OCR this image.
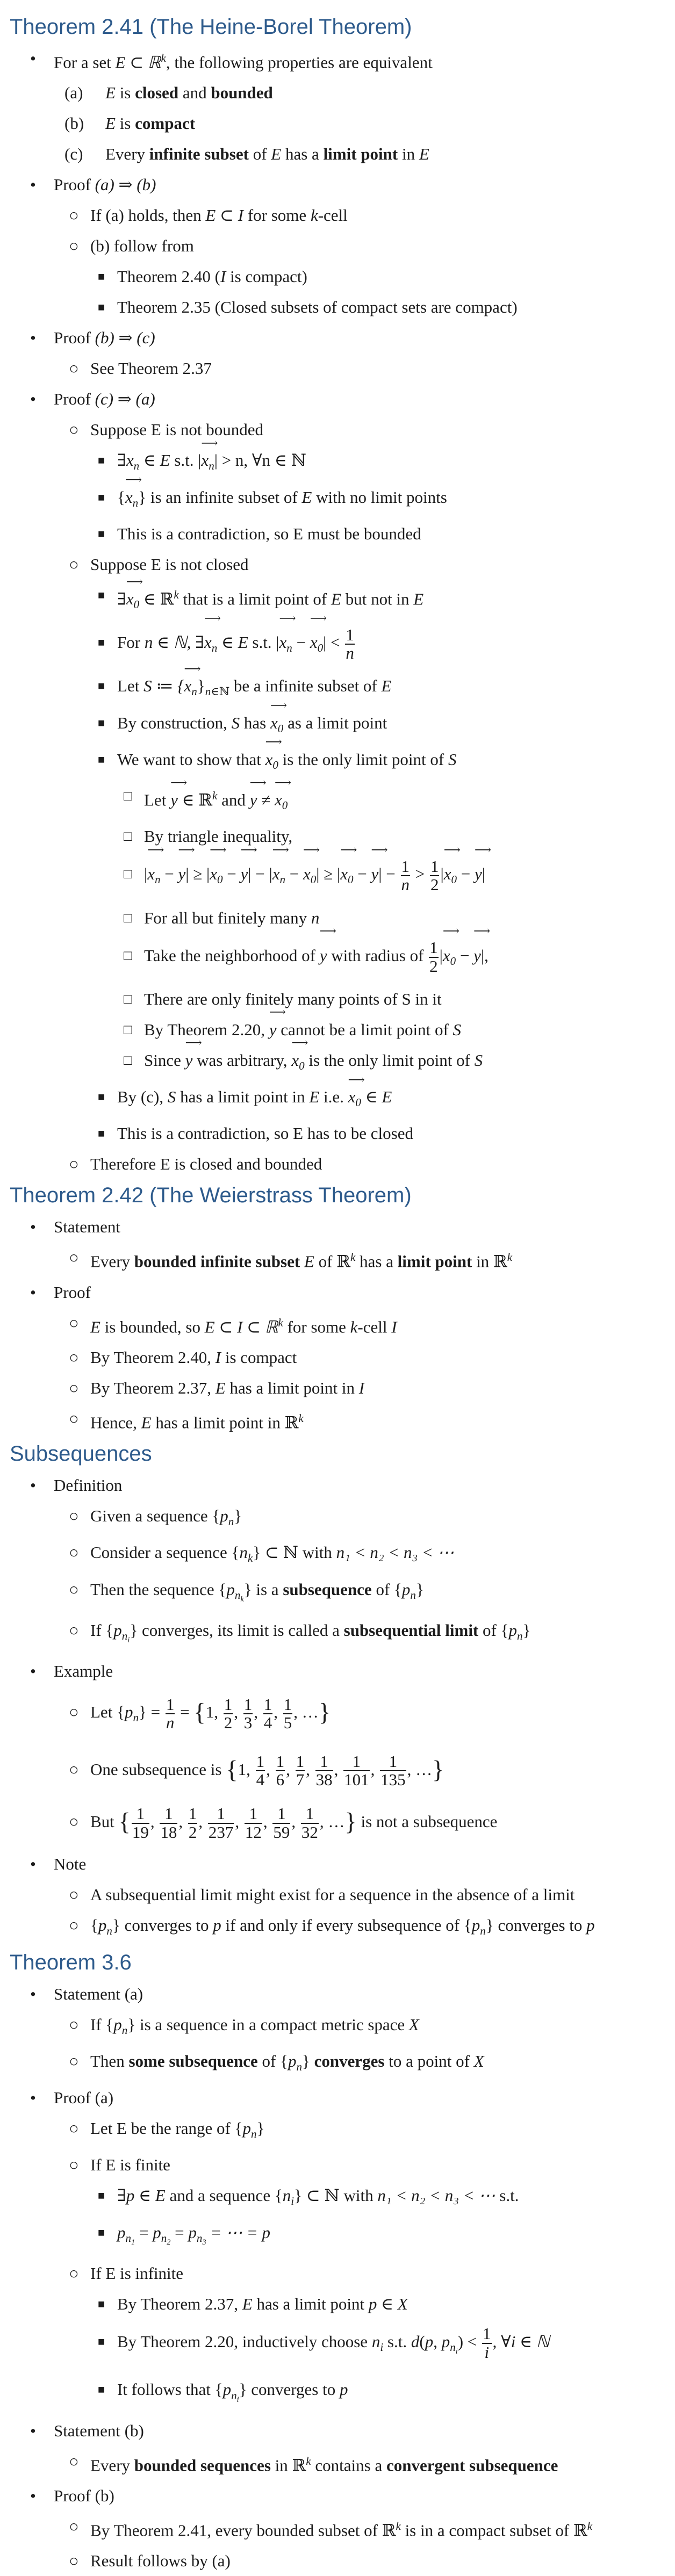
Theorem 2.41 (The Heine-Borel Theorem)
• For a set E ⊂ ℝ$^k$, the following properties are equivalent
(a) E is closed and bounded
(b) E is compact
(c) Every infinite subset of E has a limit point in E
• Proof (a) ⇒ (b)
○ If (a) holds, then E ⊂ I for some k-cell
○ (b) follow from
■ Theorem 2.40 (I is compact)
■ Theorem 2.35 (Closed subsets of compact sets are compact)
• Proof (b) ⇒ (c)
○ See Theorem 2.37
• Proof (c) ⇒ (a)
○ Suppose E is not bounded
■ $\exists x_n$ ∈ E s.t. $|x_n$ ⟶| > n, ∀n ∈ ℕ
■ {$x_n$ ⟶} is an infinite subset of E with no limit points
■ This is a contradiction, so E must be bounded
○ Suppose E is not closed
■ $\exists x_0$ ⟶ ∈ ℝ$^k$ that is a limit point of E but not in E
■ For n ∈ ℕ, $\exists x_n$ ⟶ ∈ E s.t. $|x_n$ ⟶ − $x_0$ ⟶| < $\frac{1}{n}$
■ Let S ≔ {$x_n$ $⟶\}_{n\in ℕ}$ be a infinite subset of E
■ By construction, S has $x_0$ ⟶ as a limit point
■ We want to show that $x_0$ ⟶ is the only limit point of S
□ Let y ⟶ ∈ ℝ$^k$ and y ⟶ ≠ $x_0$ ⟶
□ By triangle inequality,
□ $|x_n$ ⟶ − y ⟶| ≥ $|x_0$ ⟶ − y ⟶| − $|x_n$ ⟶ − $x_0$ ⟶| ≥ $|x_0$ ⟶ − y ⟶| − $\frac{1}{n} > \frac{1}{2} |x_0$ ⟶ − y ⟶|
□ For all but finitely many n
□ Take the neighborhood of y ⟶ with radius of $\frac{1}{2} |x_0$ ⟶ − y ⟶|,
□ There are only finitely many points of S in it
□ By Theorem 2.20, y ⟶ cannot be a limit point of S
□ Since y ⟶ was arbitrary, $x_0$ ⟶ is the only limit point of S
■ By (c), S has a limit point in E i.e. $x_0$ ⟶ ∈ E
■ This is a contradiction, so E has to be closed
○ Therefore E is closed and bounded
Theorem 2.42 (The Weierstrass Theorem)
• Statement
○ Every bounded infinite subset E of ℝ$^k$ has a limit point in ℝ$^k$
• Proof
○ E is bounded, so E ⊂ I ⊂ ℝ$^k$ for some k-cell I
○ By Theorem 2.40, I is compact
○ By Theorem 2.37, E has a limit point in I
○ Hence, E has a limit point in ℝ$^k$
Subsequences
• Definition
○ Given a sequence $\{p_n\}$
○ Consider a sequence $\{n_k\}$ ⊂ ℕ with n₁ < n₂ < n₃ < ⋯
○ Then the sequence $\{p_{n_k}\}$ is a subsequence of $\{p_n\}$
○ If $\{p_{n_i}\}$ converges, its limit is called a subsequential limit of $\{p_n\}$
• Example
○ Let $\{p_n\} = \frac{1}{n} = \{1$, $\frac{1}{2}$ , $\frac{1}{3}$ , $\frac{1}{4}$ , $\frac{1}{5}$ , …}
○ One subsequence is {1, $\frac{1}{4}$ , $\frac{1}{6}$ , $\frac{1}{7}$ , $\frac{1}{38}$ , $\frac{1}{101}$ , $\frac{1}{135}$ , …}
○ But { $\frac{1}{19}$ , $\frac{1}{18}$ , $\frac{1}{2}$ , $\frac{1}{237}$ , $\frac{1}{12}$ , $\frac{1}{59}$ , $\frac{1}{32}$ , …} is not a subsequence
• Note
○ A subsequential limit might exist for a sequence in the absence of a limit
○ $\{p_n\}$ converges to p if and only if every subsequence of $\{p_n\}$ converges to p
Theorem 3.6
• Statement (a)
○ If $\{p_n\}$ is a sequence in a compact metric space X
○ Then some subsequence of $\{p_n\}$ converges to a point of X
• Proof (a)
○ Let E be the range of $\{p_n\}$
○ If E is finite
■ ∃p ∈ E and a sequence $\{n_i\}$ ⊂ ℕ with n₁ < n₂ < n₃ < ⋯ s.t.
■ $p_{n_1} = p_{n_2} = p_{n_3}$ = ⋯ = p
○ If E is infinite
■ By Theorem 2.37, E has a limit point p ∈ X
■ By Theorem 2.20, inductively choose $n_i$ s.t. d(p, $p_{n_i}) < \frac{1}{i}$ , ∀i ∈ ℕ
■ It follows that $\{p_{n_i}\}$ converges to p
• Statement (b)
○ Every bounded sequences in ℝ$^k$ contains a convergent subsequence
• Proof (b)
○ By Theorem 2.41, every bounded subset of ℝ$^k$ is in a compact subset of ℝ$^k$
○ Result follows by (a)
